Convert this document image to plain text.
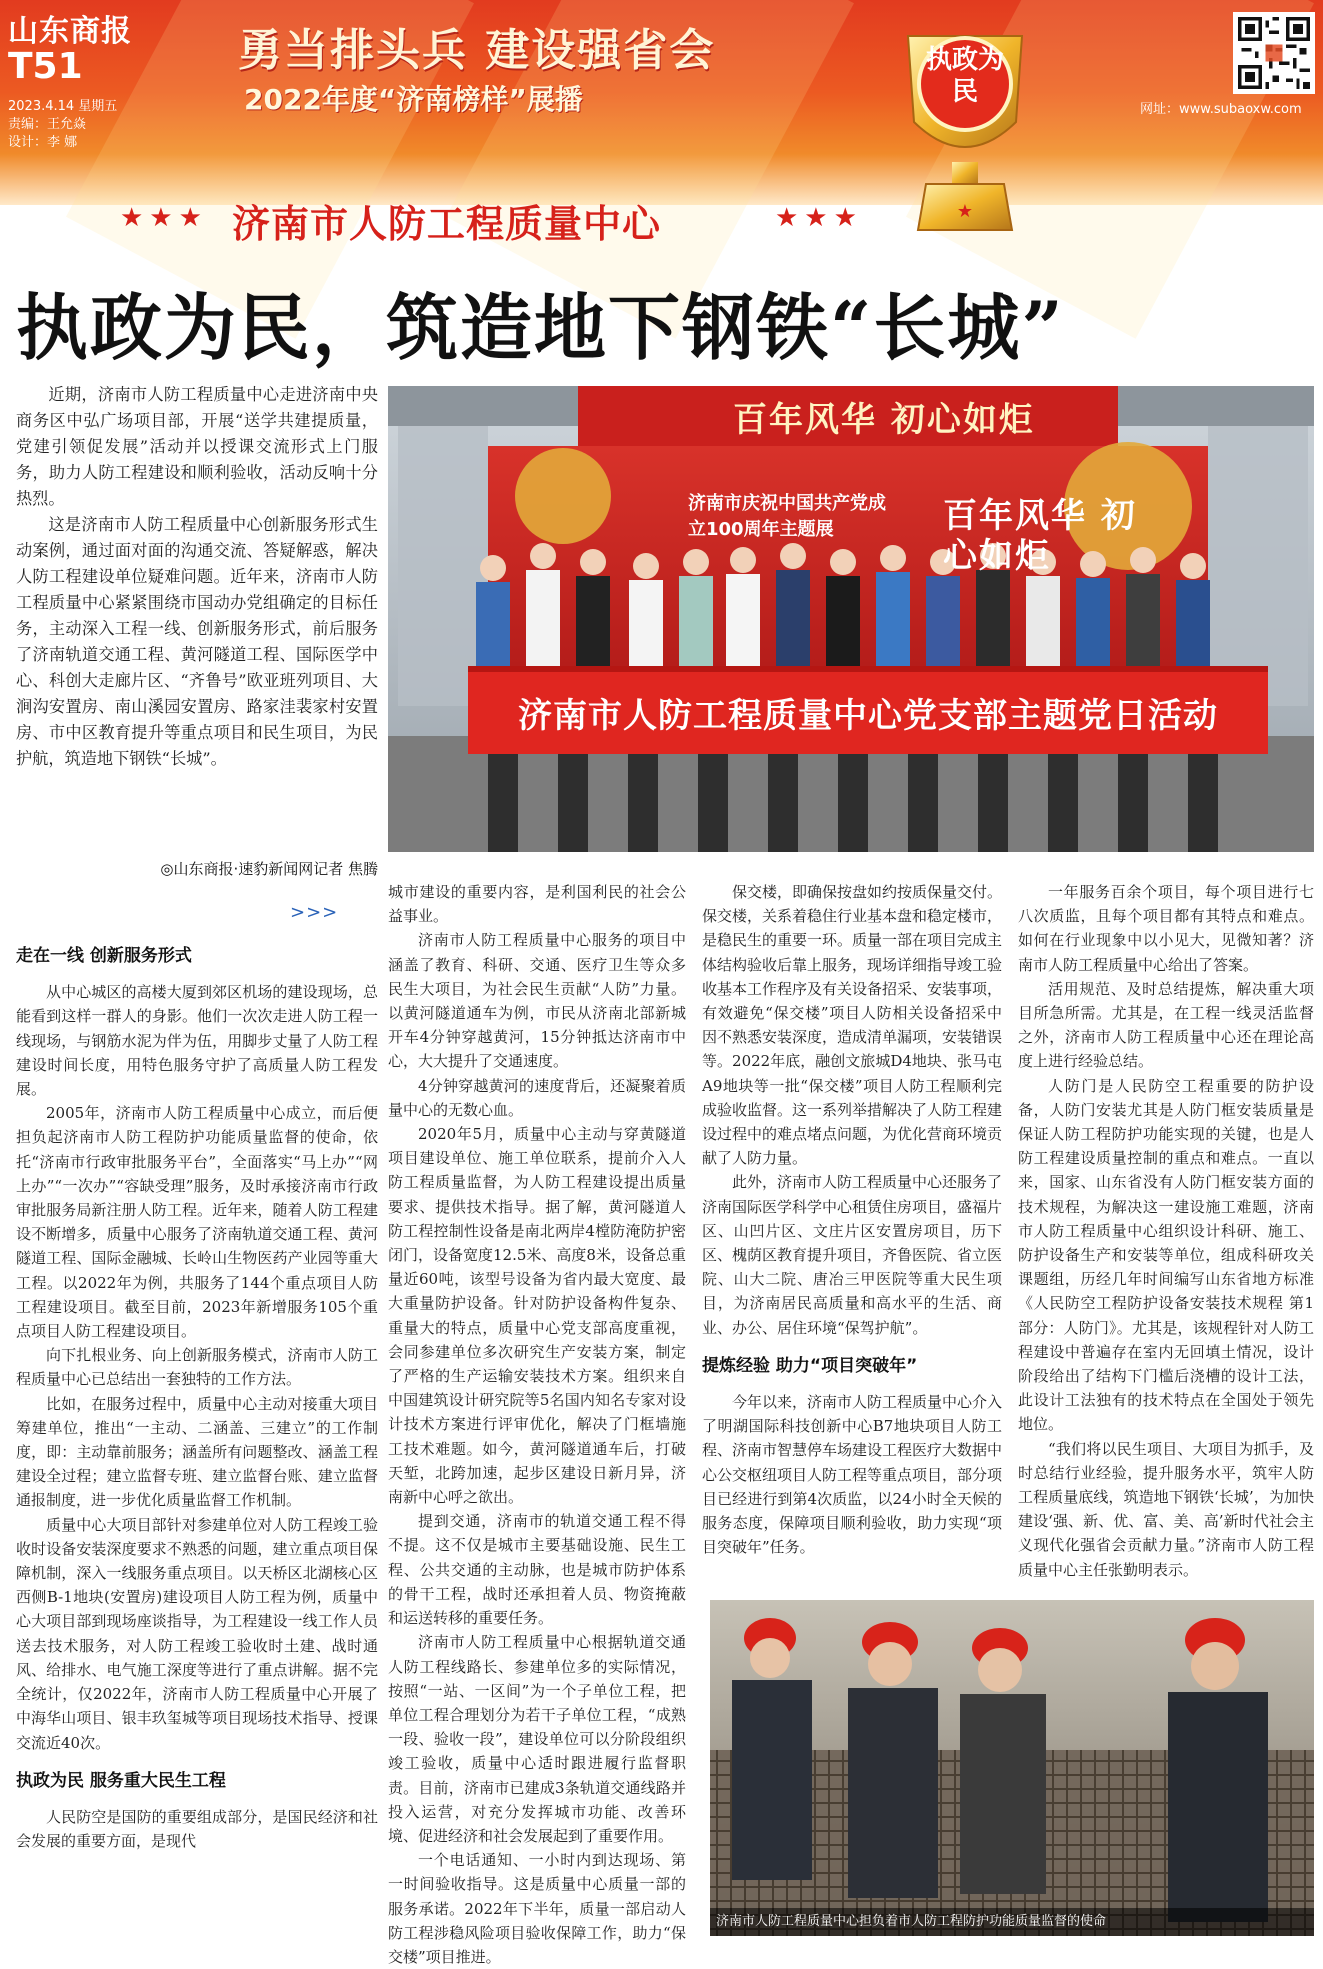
山东商报
T51
2023.4.14 星期五
责编：王允焱
设计：李 娜
勇当排头兵 建设强省会
2022年度“济南榜样”展播	网址：www.subaoxw.com
★
执政为民
★★★ 济南市人防工程质量中心	★★★
执政为民，筑造地下钢铁“长城”

近期，济南市人防工程质量中心走进济南中央商务区中弘广场项目部，开展“送学共建提质量，党建引领促发展”活动并以授课交流形式上门服务，助力人防工程建设和顺利验收，活动反响十分热烈。

这是济南市人防工程质量中心创新服务形式生动案例，通过面对面的沟通交流、答疑解惑，解决人防工程建设单位疑难问题。近年来，济南市人防工程质量中心紧紧围绕市国动办党组确定的目标任务，主动深入工程一线、创新服务形式，前后服务了济南轨道交通工程、黄河隧道工程、国际医学中心、科创大走廊片区、“齐鲁号”欧亚班列项目、大涧沟安置房、南山溪园安置房、路家洼裴家村安置房、市中区教育提升等重点项目和民生项目，为民护航，筑造地下钢铁“长城”。

◎山东商报·速豹新闻网记者 焦腾
>>>
百年风华 初心如炬
济南市庆祝中国共产党成立100周年主题展	百年风华 初心如炬
济南市人防工程质量中心党支部主题党日活动
走在一线 创新服务形式

从中心城区的高楼大厦到郊区机场的建设现场，总能看到这样一群人的身影。他们一次次走进人防工程一线现场，与钢筋水泥为伴为伍，用脚步丈量了人防工程建设时间长度，用特色服务守护了高质量人防工程发展。

2005年，济南市人防工程质量中心成立，而后便担负起济南市人防工程防护功能质量监督的使命，依托“济南市行政审批服务平台”，全面落实“马上办”“网上办”“一次办”“容缺受理”服务，及时承接济南市行政审批服务局新注册人防工程。近年来，随着人防工程建设不断增多，质量中心服务了济南轨道交通工程、黄河隧道工程、国际金融城、长岭山生物医药产业园等重大工程。以2022年为例，共服务了144个重点项目人防工程建设项目。截至目前，2023年新增服务105个重点项目人防工程建设项目。

向下扎根业务、向上创新服务模式，济南市人防工程质量中心已总结出一套独特的工作方法。

比如，在服务过程中，质量中心主动对接重大项目筹建单位，推出“一主动、二涵盖、三建立”的工作制度，即：主动靠前服务；涵盖所有问题整改、涵盖工程建设全过程；建立监督专班、建立监督台账、建立监督通报制度，进一步优化质量监督工作机制。

质量中心大项目部针对参建单位对人防工程竣工验收时设备安装深度要求不熟悉的问题，建立重点项目保障机制，深入一线服务重点项目。以天桥区北湖核心区西侧B-1地块(安置房)建设项目人防工程为例，质量中心大项目部到现场座谈指导，为工程建设一线工作人员送去技术服务，对人防工程竣工验收时土建、战时通风、给排水、电气施工深度等进行了重点讲解。据不完全统计，仅2022年，济南市人防工程质量中心开展了中海华山项目、银丰玖玺城等项目现场技术指导、授课交流近40次。

执政为民 服务重大民生工程

人民防空是国防的重要组成部分，是国民经济和社会发展的重要方面，是现代

城市建设的重要内容，是利国利民的社会公益事业。

济南市人防工程质量中心服务的项目中涵盖了教育、科研、交通、医疗卫生等众多民生大项目，为社会民生贡献“人防”力量。以黄河隧道通车为例，市民从济南北部新城开车4分钟穿越黄河，15分钟抵达济南市中心，大大提升了交通速度。

4分钟穿越黄河的速度背后，还凝聚着质量中心的无数心血。

2020年5月，质量中心主动与穿黄隧道项目建设单位、施工单位联系，提前介入人防工程质量监督，为人防工程建设提出质量要求、提供技术指导。据了解，黄河隧道人防工程控制性设备是南北两岸4樘防淹防护密闭门，设备宽度12.5米、高度8米，设备总重量近60吨，该型号设备为省内最大宽度、最大重量防护设备。针对防护设备构件复杂、重量大的特点，质量中心党支部高度重视，会同参建单位多次研究生产安装方案，制定了严格的生产运输安装技术方案。组织来自中国建筑设计研究院等5名国内知名专家对设计技术方案进行评审优化，解决了门框墙施工技术难题。如今，黄河隧道通车后，打破天堑，北跨加速，起步区建设日新月异，济南新中心呼之欲出。

提到交通，济南市的轨道交通工程不得不提。这不仅是城市主要基础设施、民生工程、公共交通的主动脉，也是城市防护体系的骨干工程，战时还承担着人员、物资掩蔽和运送转移的重要任务。

济南市人防工程质量中心根据轨道交通人防工程线路长、参建单位多的实际情况，按照“一站、一区间”为一个子单位工程，把单位工程合理划分为若干子单位工程，“成熟一段、验收一段”，建设单位可以分阶段组织竣工验收，质量中心适时跟进履行监督职责。目前，济南市已建成3条轨道交通线路并投入运营，对充分发挥城市功能、改善环境、促进经济和社会发展起到了重要作用。

一个电话通知、一小时内到达现场、第一时间验收指导。这是质量中心质量一部的服务承诺。2022年下半年，质量一部启动人防工程涉稳风险项目验收保障工作，助力“保交楼”项目推进。

保交楼，即确保按盘如约按质保量交付。保交楼，关系着稳住行业基本盘和稳定楼市，是稳民生的重要一环。质量一部在项目完成主体结构验收后靠上服务，现场详细指导竣工验收基本工作程序及有关设备招采、安装事项，有效避免“保交楼”项目人防相关设备招采中因不熟悉安装深度，造成清单漏项，安装错误等。2022年底，融创文旅城D4地块、张马屯A9地块等一批“保交楼”项目人防工程顺利完成验收监督。这一系列举措解决了人防工程建设过程中的难点堵点问题，为优化营商环境贡献了人防力量。

此外，济南市人防工程质量中心还服务了济南国际医学科学中心租赁住房项目，盛福片区、山凹片区、文庄片区安置房项目，历下区、槐荫区教育提升项目，齐鲁医院、省立医院、山大二院、唐冶三甲医院等重大民生项目，为济南居民高质量和高水平的生活、商业、办公、居住环境“保驾护航”。

提炼经验 助力“项目突破年”

今年以来，济南市人防工程质量中心介入了明湖国际科技创新中心B7地块项目人防工程、济南市智慧停车场建设工程医疗大数据中心公交枢纽项目人防工程等重点项目，部分项目已经进行到第4次质监，以24小时全天候的服务态度，保障项目顺利验收，助力实现“项目突破年”任务。

一年服务百余个项目，每个项目进行七八次质监，且每个项目都有其特点和难点。如何在行业现象中以小见大，见微知著？济南市人防工程质量中心给出了答案。

活用规范、及时总结提炼，解决重大项目所急所需。尤其是，在工程一线灵活监督之外，济南市人防工程质量中心还在理论高度上进行经验总结。

人防门是人民防空工程重要的防护设备，人防门安装尤其是人防门框安装质量是保证人防工程防护功能实现的关键，也是人防工程建设质量控制的重点和难点。一直以来，国家、山东省没有人防门框安装方面的技术规程，为解决这一建设施工难题，济南市人防工程质量中心组织设计科研、施工、防护设备生产和安装等单位，组成科研攻关课题组，历经几年时间编写山东省地方标准《人民防空工程防护设备安装技术规程 第1部分：人防门》。尤其是，该规程针对人防工程建设中普遍存在室内无回填土情况，设计阶段给出了结构下门槛后浇槽的设计工法，此设计工法独有的技术特点在全国处于领先地位。

“我们将以民生项目、大项目为抓手，及时总结行业经验，提升服务水平，筑牢人防工程质量底线，筑造地下钢铁‘长城’，为加快建设‘强、新、优、富、美、高’新时代社会主义现代化强省会贡献力量。”济南市人防工程质量中心主任张勤明表示。

济南市人防工程质量中心担负着市人防工程防护功能质量监督的使命
